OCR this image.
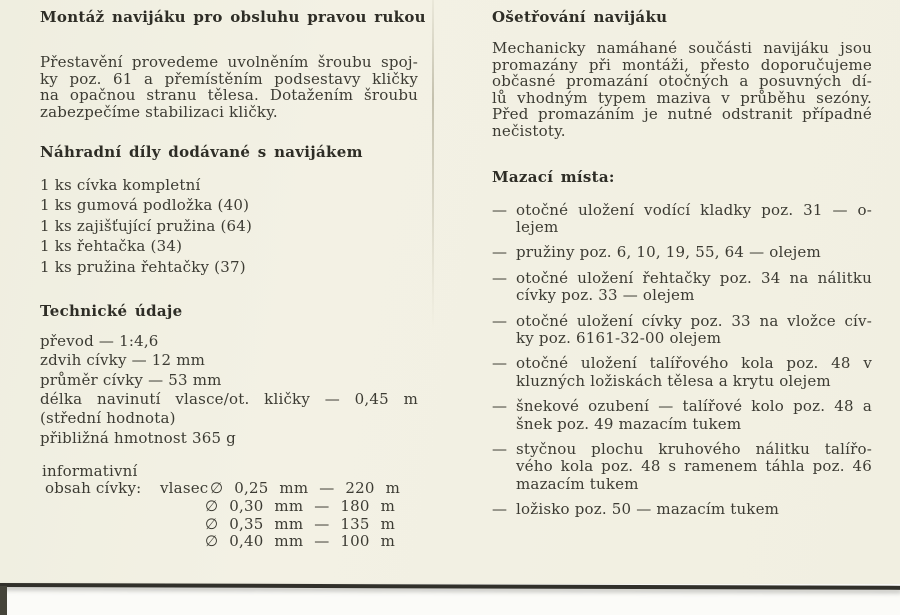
Montáž navijáku pro obsluhu pravou rukou
Přestavění provedeme uvolněním šroubu spoj-
ky poz. 61 a přemístěním podsestavy kličky
na opačnou stranu tělesa. Dotažením šroubu
zabezpečíme stabilizaci kličky.
Náhradní díly dodávané s navijákem
1 ks cívka kompletní
1 ks gumová podložka (40)
1 ks zajišťující pružina (64)
1 ks řehtačka (34)
1 ks pružina řehtačky (37)
Technické údaje
převod — 1:4,6
zdvih cívky — 12 mm
průměr cívky — 53 mm
délka navinutí vlasce/ot. kličky — 0,45 m
(střední hodnota)
přibližná hmotnost 365 g
informativní
obsah cívky:	vlasec ∅ 0,25 mm — 220 m
∅ 0,30 mm — 180 m
∅ 0,35 mm — 135 m
∅ 0,40 mm — 100 m
Ošetřování navijáku
Mechanicky namáhané součásti navijáku jsou
promazány při montáži, přesto doporučujeme
občasné promazání otočných a posuvných dí-
lů vhodným typem maziva v průběhu sezóny.
Před promazáním je nutné odstranit případné
nečistoty.
Mazací místa:
— otočné uložení vodící kladky poz. 31 — o-
lejem
— pružiny poz. 6, 10, 19, 55, 64 — olejem
— otočné uložení řehtačky poz. 34 na nálitku
cívky poz. 33 — olejem
— otočné uložení cívky poz. 33 na vložce cív-
ky poz. 6161-32-00 olejem
— otočné uložení talířového kola poz. 48 v
kluzných ložiskách tělesa a krytu olejem
— šnekové ozubení — talířové kolo poz. 48 a
šnek poz. 49 mazacím tukem
— styčnou plochu kruhového nálitku talířo-
vého kola poz. 48 s ramenem táhla poz. 46
mazacím tukem
— ložisko poz. 50 — mazacím tukem
